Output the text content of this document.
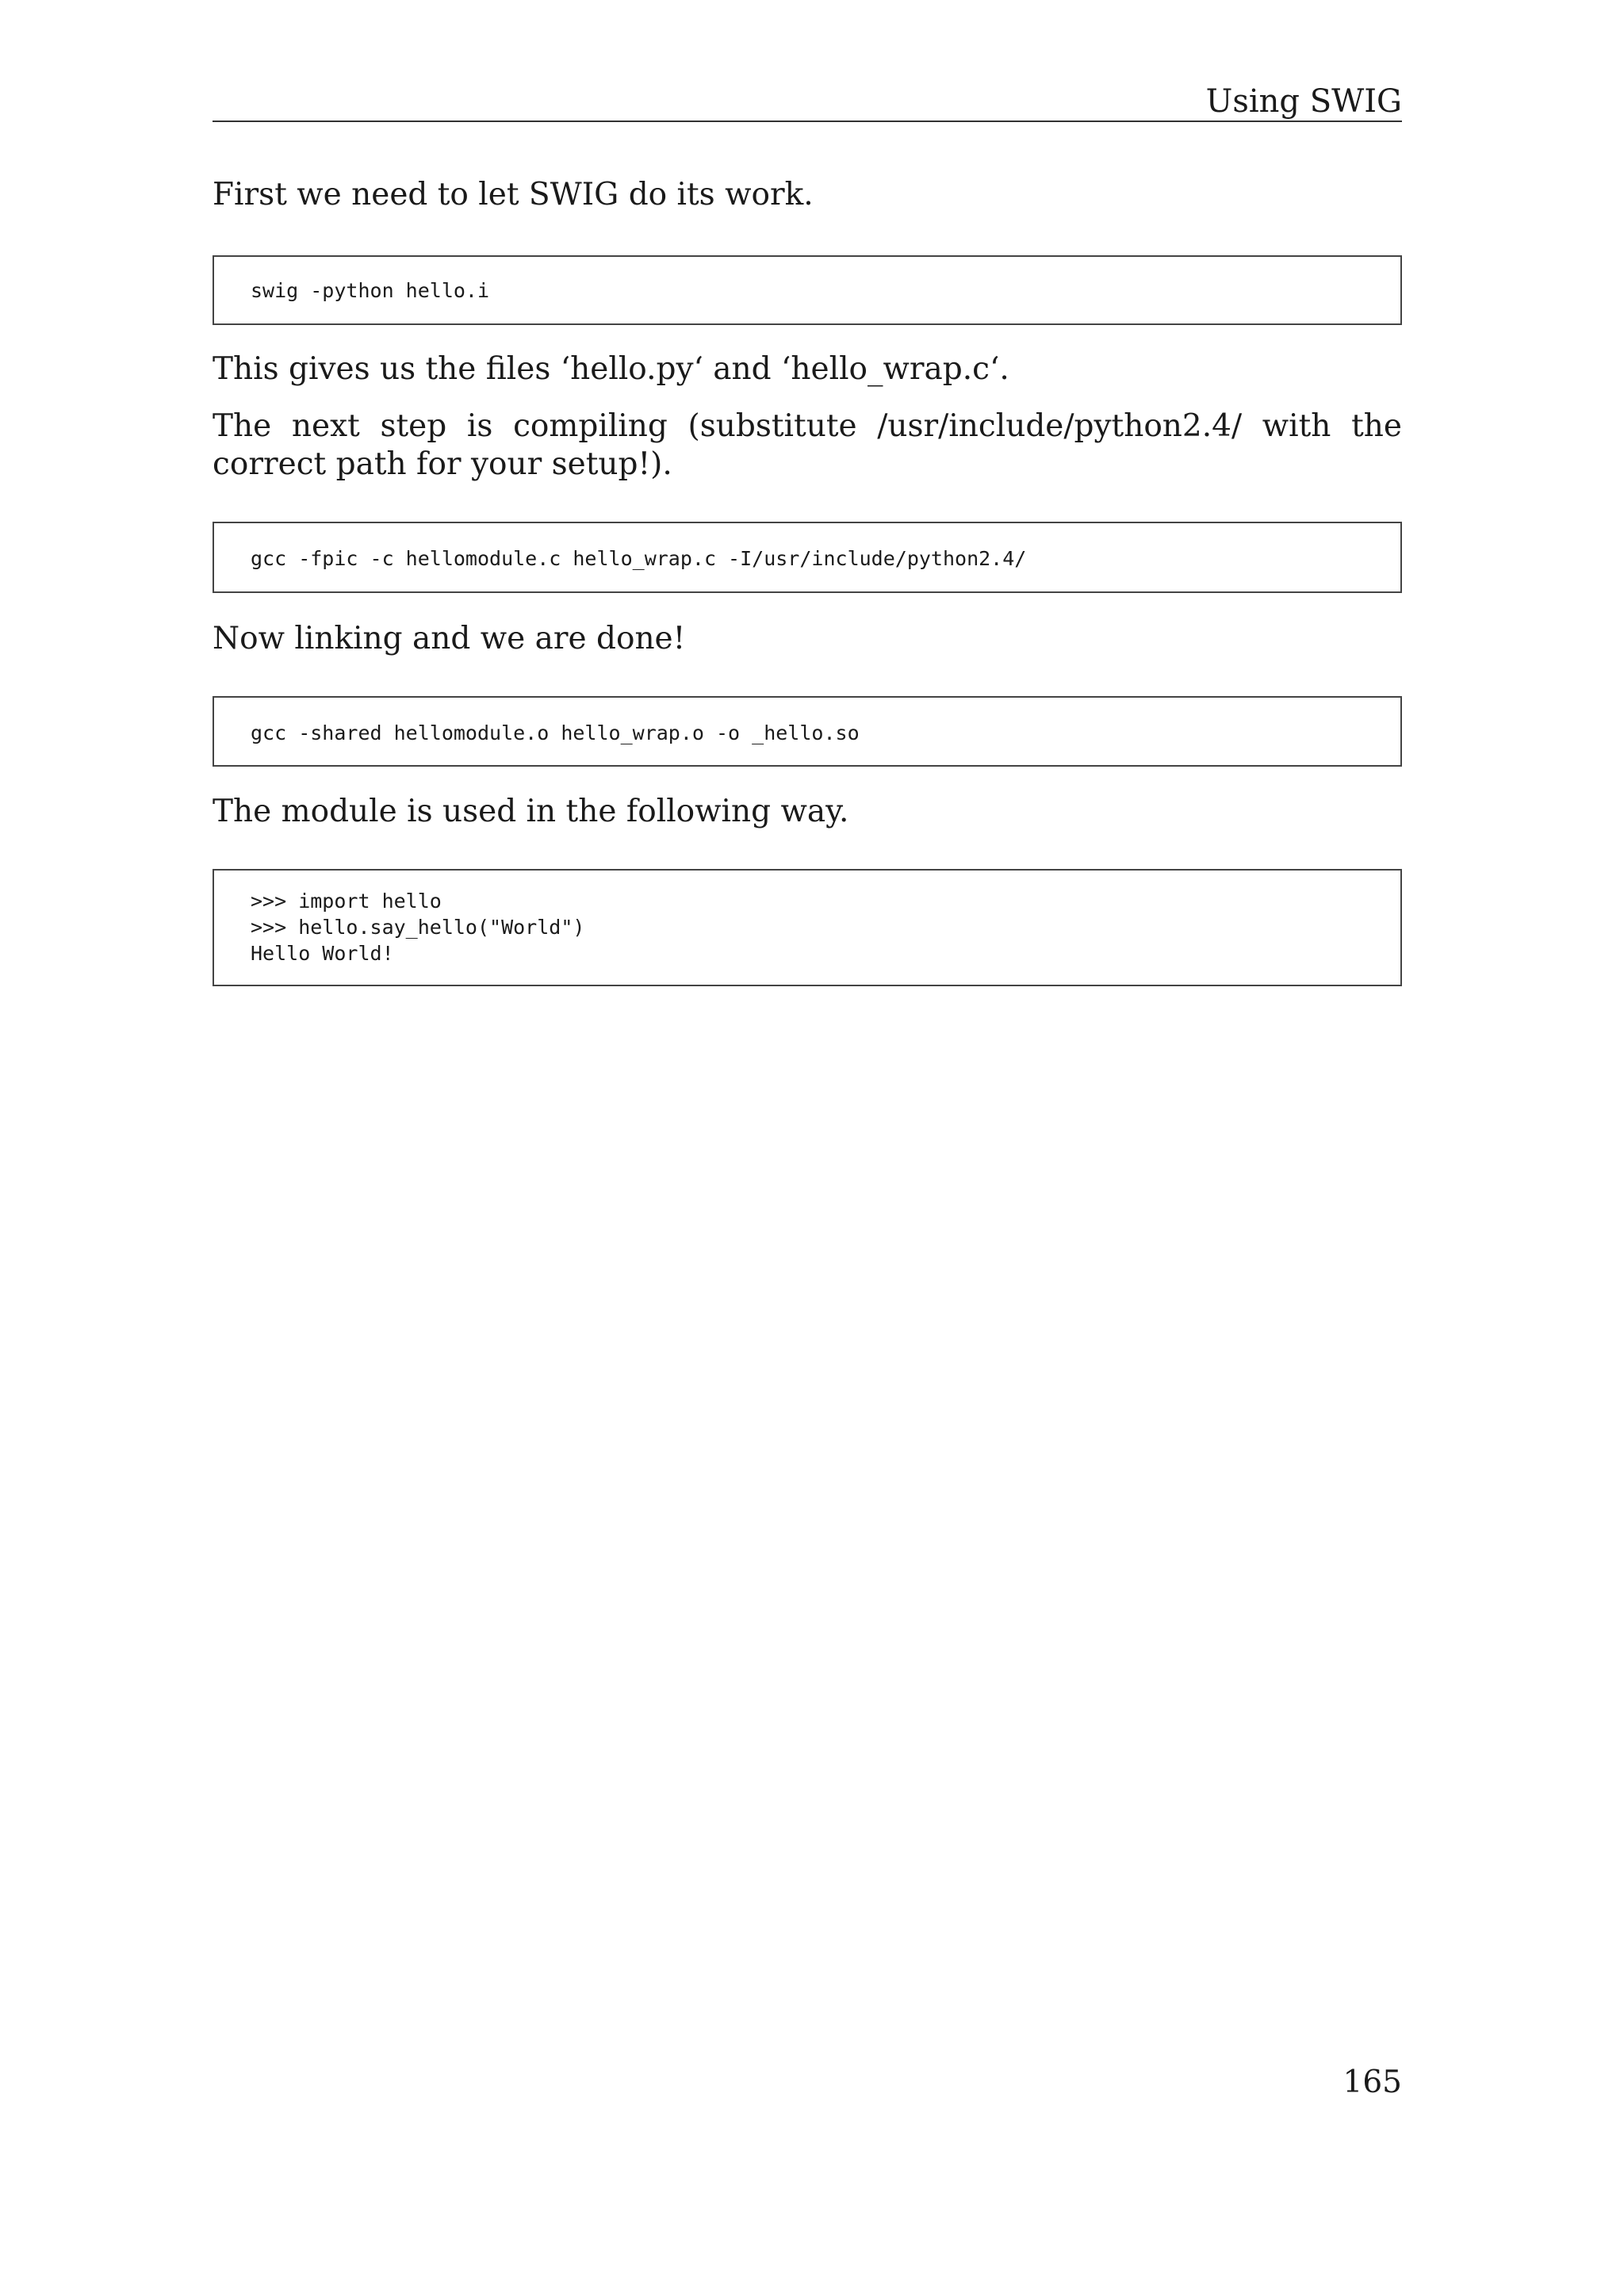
Using SWIG

First we need to let SWIG do its work.

swig -python hello.i

This gives us the files ‘hello.py‘ and ‘hello_wrap.c‘.

The next step is compiling (substitute /usr/include/python2.4/ with the correct path for your setup!).

gcc -fpic -c hellomodule.c hello_wrap.c -I/usr/include/python2.4/

Now linking and we are done!

gcc -shared hellomodule.o hello_wrap.o -o _hello.so

The module is used in the following way.

>>> import hello
>>> hello.say_hello("World")
Hello World!
165
